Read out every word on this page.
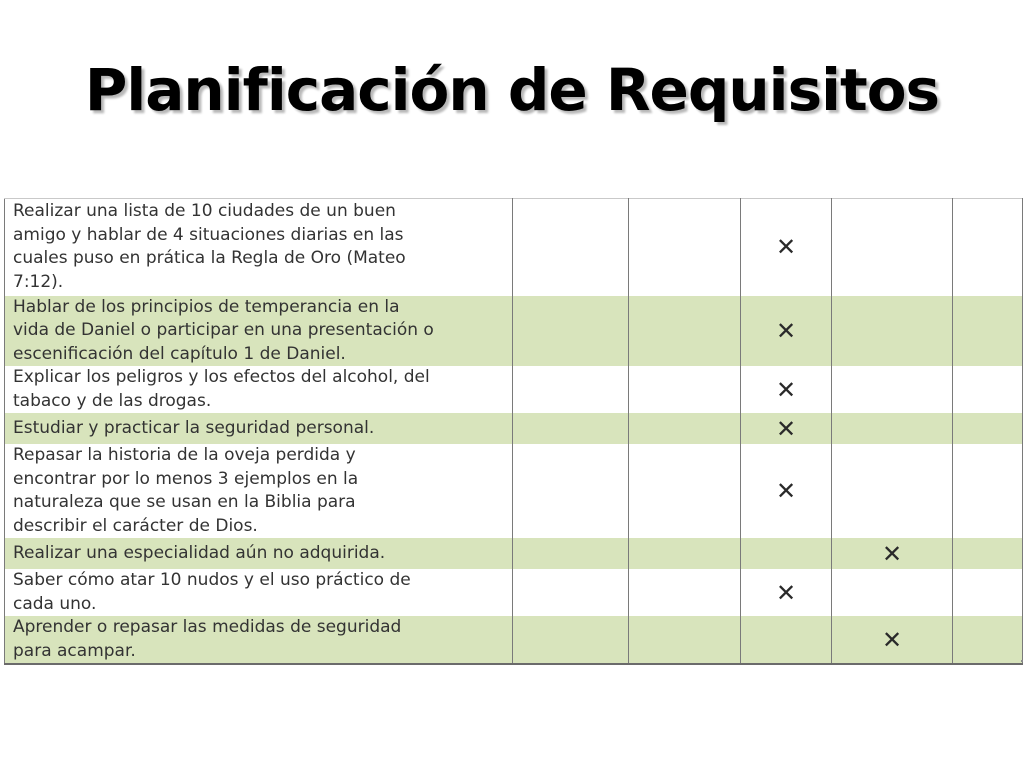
Planificación de Requisitos
Realizar una lista de 10 ciudades de un buen
amigo y hablar de 4 situaciones diarias en las
cuales puso en prática la Regla de Oro (Mateo
7:12).			✕		
Hablar de los principios de temperancia en la
vida de Daniel o participar en una presentación o
escenificación del capítulo 1 de Daniel.			✕		
Explicar los peligros y los efectos del alcohol, del
tabaco y de las drogas.			✕		
Estudiar y practicar la seguridad personal.			✕		
Repasar la historia de la oveja perdida y
encontrar por lo menos 3 ejemplos en la
naturaleza que se usan en la Biblia para
describir el carácter de Dios.			✕		
Realizar una especialidad aún no adquirida.				✕	
Saber cómo atar 10 nudos y el uso práctico de
cada uno.			✕		
Aprender o repasar las medidas de seguridad
para acampar.				✕	
